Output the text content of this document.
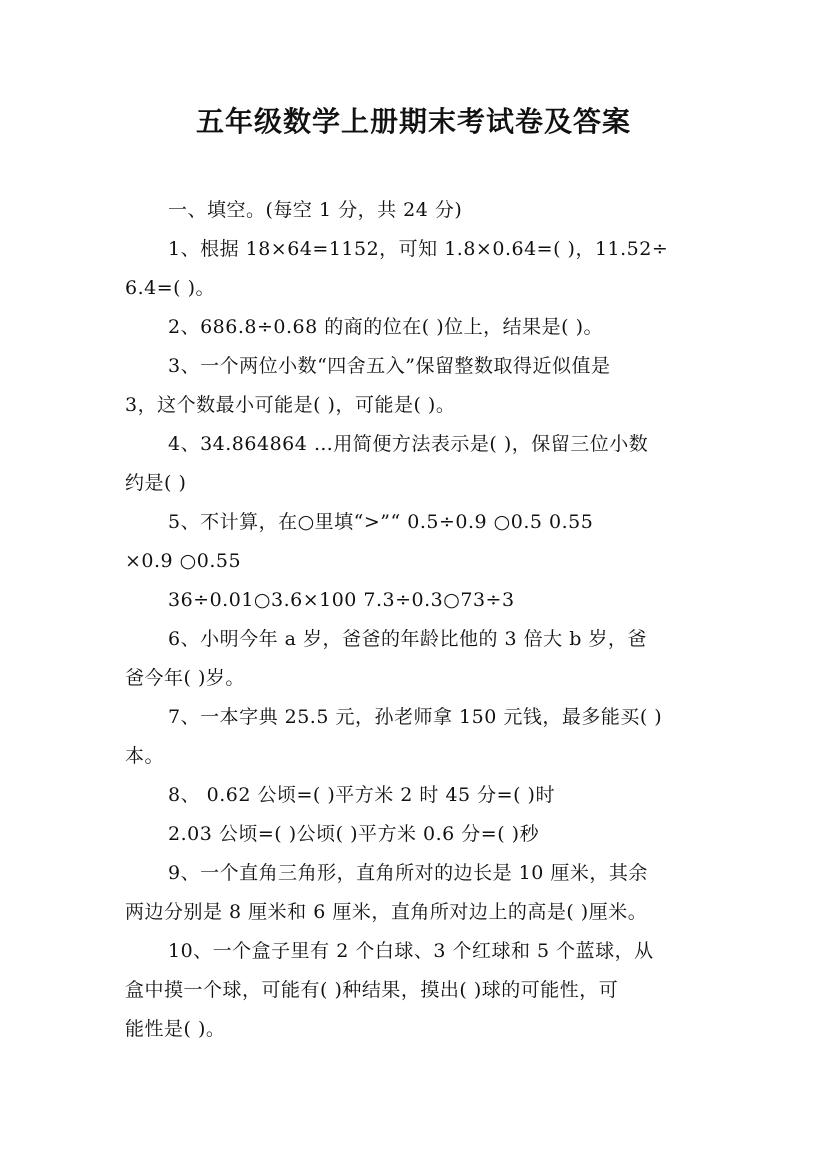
五年级数学上册期末考试卷及答案
一、填空。(每空 1 分，共 24 分)
1、根据 18×64=1152，可知 1.8×0.64=( )，11.52÷
6.4=( )。
2、686.8÷0.68 的商的位在( )位上，结果是( )。
3、一个两位小数“四舍五入”保留整数取得近似值是
3，这个数最小可能是( )，可能是( )。
4、34.864864 …用简便方法表示是( )，保留三位小数
约是( )
5、不计算，在○里填“>”“ 0.5÷0.9 ○0.5 0.55
×0.9 ○0.55
36÷0.01○3.6×100 7.3÷0.3○73÷3
6、小明今年 a 岁，爸爸的年龄比他的 3 倍大 b 岁，爸
爸今年( )岁。
7、一本字典 25.5 元，孙老师拿 150 元钱，最多能买( )
本。
8、 0.62 公顷=( )平方米 2 时 45 分=( )时
2.03 公顷=( )公顷( )平方米 0.6 分=( )秒
9、一个直角三角形，直角所对的边长是 10 厘米，其余
两边分别是 8 厘米和 6 厘米，直角所对边上的高是( )厘米。
10、一个盒子里有 2 个白球、3 个红球和 5 个蓝球，从
盒中摸一个球，可能有( )种结果，摸出( )球的可能性，可
能性是( )。
